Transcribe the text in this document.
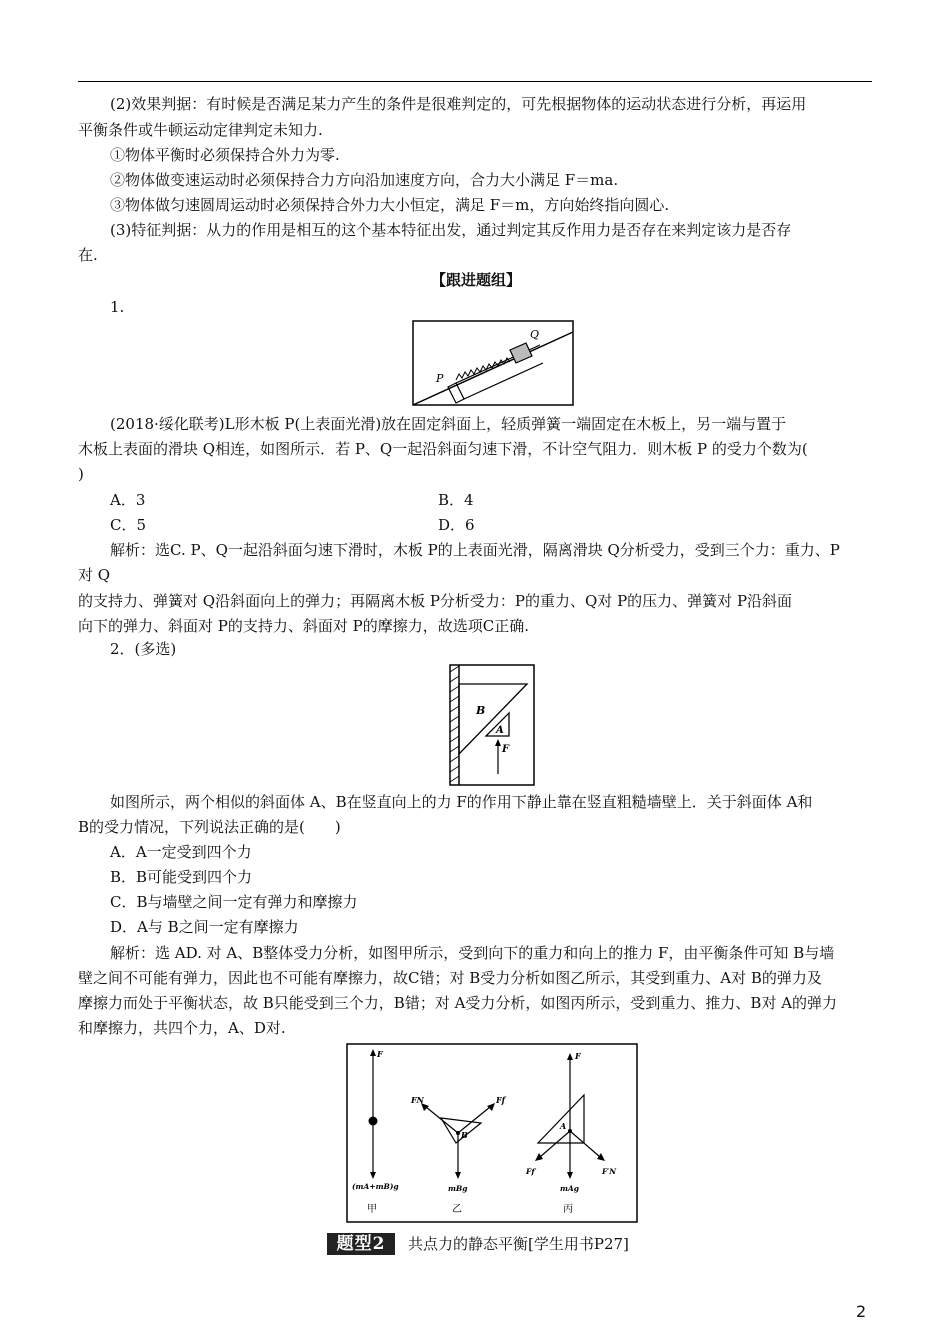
(2)效果判据：有时候是否满足某力产生的条件是很难判定的，可先根据物体的运动状态进行分析，再运用
平衡条件或牛顿运动定律判定未知力.
①物体平衡时必须保持合外力为零.
②物体做变速运动时必须保持合力方向沿加速度方向，合力大小满足 F＝ma.
③物体做匀速圆周运动时必须保持合外力大小恒定，满足 F＝m，方向始终指向圆心.
(3)特征判据：从力的作用是相互的这个基本特征出发，通过判定其反作用力是否存在来判定该力是否存
在.
【跟进题组】
1.
Q
P
(2018·绥化联考)L形木板 P(上表面光滑)放在固定斜面上，轻质弹簧一端固定在木板上，另一端与置于
木板上表面的滑块 Q相连，如图所示．若 P、Q一起沿斜面匀速下滑，不计空气阻力．则木板 P 的受力个数为(
)
A．3	B．4
C．5	D．6
解析：选C. P、Q一起沿斜面匀速下滑时，木板 P的上表面光滑，隔离滑块 Q分析受力，受到三个力：重力、P
对 Q
的支持力、弹簧对 Q沿斜面向上的弹力；再隔离木板 P分析受力：P的重力、Q对 P的压力、弹簧对 P沿斜面
向下的弹力、斜面对 P的支持力、斜面对 P的摩擦力，故选项C正确.
2．(多选)
B
A
F
如图所示，两个相似的斜面体 A、B在竖直向上的力 F的作用下静止靠在竖直粗糙墙壁上．关于斜面体 A和
B的受力情况，下列说法正确的是(　　)
A．A一定受到四个力
B．B可能受到四个力
C．B与墙壁之间一定有弹力和摩擦力
D．A与 B之间一定有摩擦力
解析：选 AD. 对 A、B整体受力分析，如图甲所示，受到向下的重力和向上的推力 F，由平衡条件可知 B与墙
壁之间不可能有弹力，因此也不可能有摩擦力，故C错；对 B受力分析如图乙所示，其受到重力、A对 B的弹力及
摩擦力而处于平衡状态，故 B只能受到三个力，B错；对 A受力分析，如图丙所示，受到重力、推力、B对 A的弹力
和摩擦力，共四个力，A、D对.
F
(mA+mB)g
甲
FN	Ff
B
mBg
乙
F
A
Ff′	F′N
mAg
丙
题型2	共点力的静态平衡[学生用书P27]
2
